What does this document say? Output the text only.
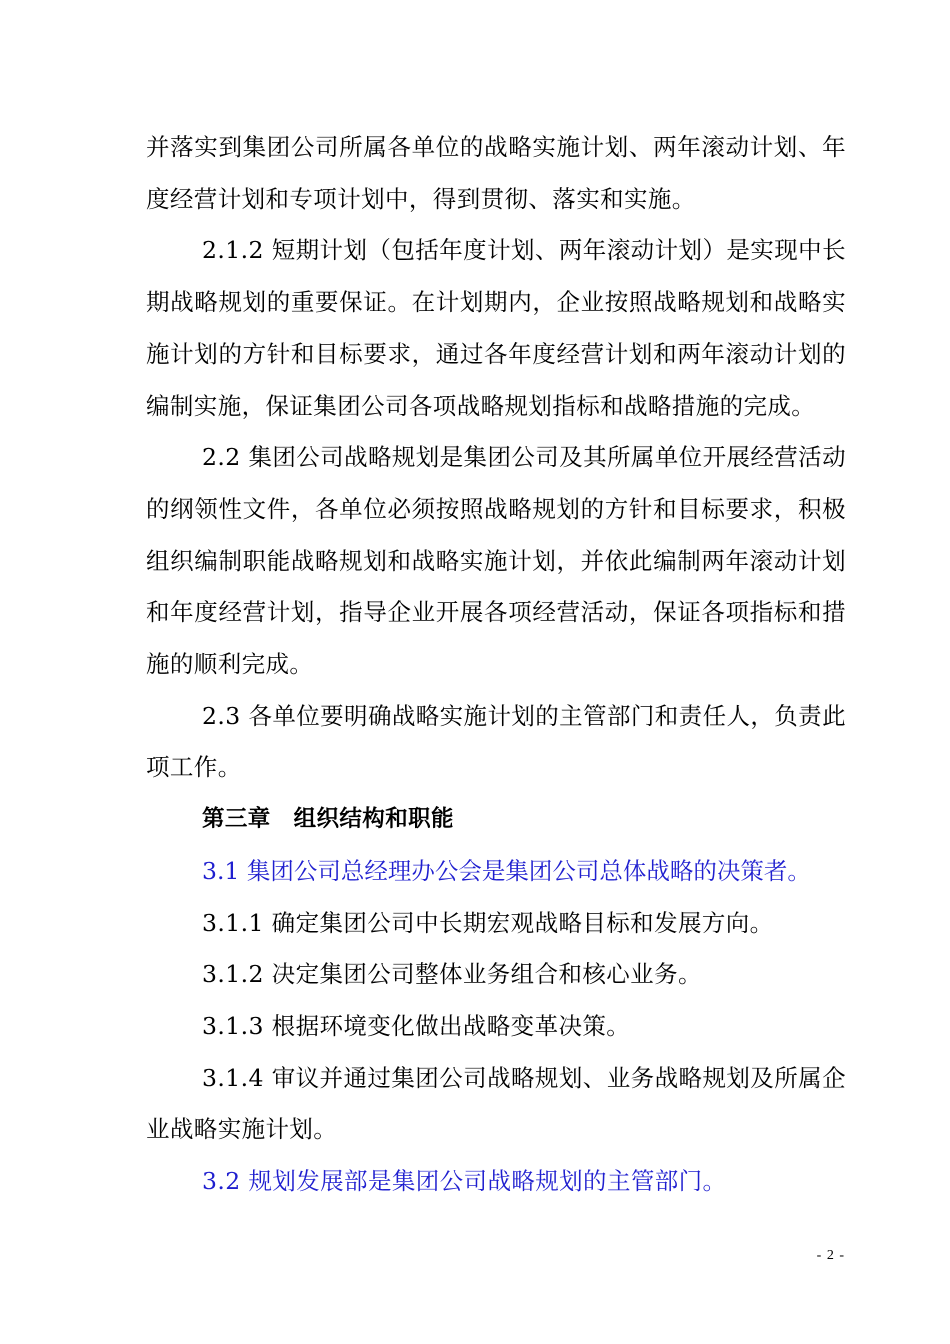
并落实到集团公司所属各单位的战略实施计划、两年滚动计划、年度经营计划和专项计划中，得到贯彻、落实和实施。

2.1.2 短期计划（包括年度计划、两年滚动计划）是实现中长期战略规划的重要保证。在计划期内，企业按照战略规划和战略实施计划的方针和目标要求，通过各年度经营计划和两年滚动计划的编制实施，保证集团公司各项战略规划指标和战略措施的完成。

2.2 集团公司战略规划是集团公司及其所属单位开展经营活动的纲领性文件，各单位必须按照战略规划的方针和目标要求，积极组织编制职能战略规划和战略实施计划，并依此编制两年滚动计划和年度经营计划，指导企业开展各项经营活动，保证各项指标和措施的顺利完成。

2.3 各单位要明确战略实施计划的主管部门和责任人，负责此项工作。

第三章　组织结构和职能

3.1 集团公司总经理办公会是集团公司总体战略的决策者。

3.1.1 确定集团公司中长期宏观战略目标和发展方向。

3.1.2 决定集团公司整体业务组合和核心业务。

3.1.3 根据环境变化做出战略变革决策。

3.1.4 审议并通过集团公司战略规划、业务战略规划及所属企业战略实施计划。

3.2 规划发展部是集团公司战略规划的主管部门。

- 2 -
